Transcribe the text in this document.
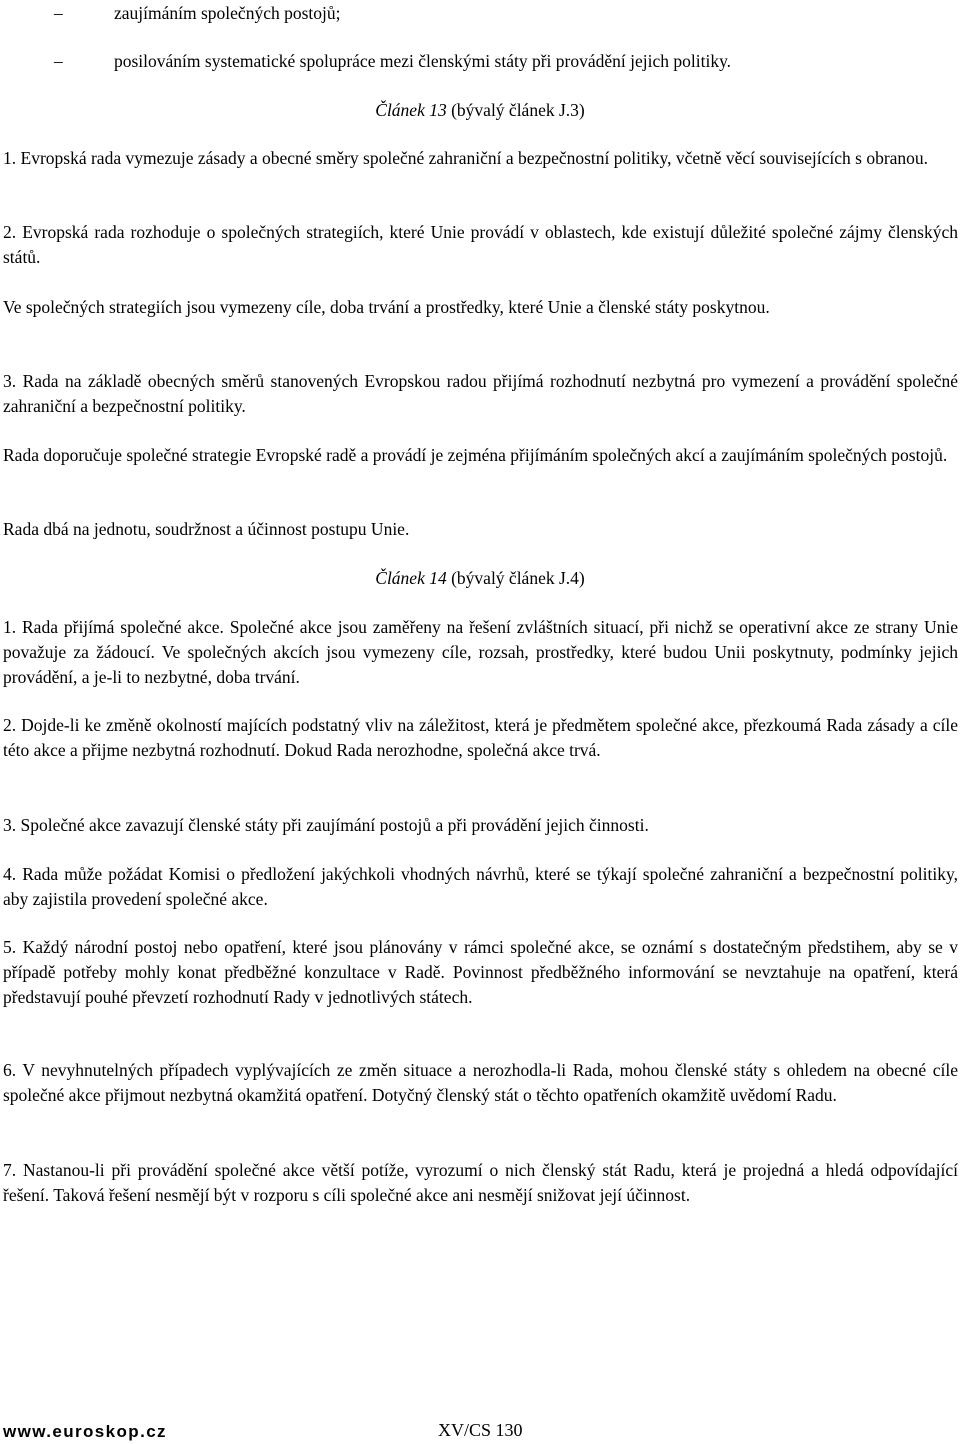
–	zaujímáním společných postojů;
–	posilováním systematické spolupráce mezi členskými státy při provádění jejich politiky.

Článek 13 (bývalý článek J.3)

1. Evropská rada vymezuje zásady a obecné směry společné zahraniční a bezpečnostní politiky, včetně věcí souvisejících s obranou.

2. Evropská rada rozhoduje o společných strategiích, které Unie provádí v oblastech, kde existují důležité společné zájmy členských států.

Ve společných strategiích jsou vymezeny cíle, doba trvání a prostředky, které Unie a členské státy poskytnou.

3. Rada na základě obecných směrů stanovených Evropskou radou přijímá rozhodnutí nezbytná pro vymezení a provádění společné zahraniční a bezpečnostní politiky.

Rada doporučuje společné strategie Evropské radě a provádí je zejména přijímáním společných akcí a zaujímáním společných postojů.

Rada dbá na jednotu, soudržnost a účinnost postupu Unie.

Článek 14 (bývalý článek J.4)

1. Rada přijímá společné akce. Společné akce jsou zaměřeny na řešení zvláštních situací, při nichž se operativní akce ze strany Unie považuje za žádoucí. Ve společných akcích jsou vymezeny cíle, rozsah, prostředky, které budou Unii poskytnuty, podmínky jejich provádění, a je-li to nezbytné, doba trvání.

2. Dojde-li ke změně okolností majících podstatný vliv na záležitost, která je předmětem společné akce, přezkoumá Rada zásady a cíle této akce a přijme nezbytná rozhodnutí. Dokud Rada nerozhodne, společná akce trvá.

3. Společné akce zavazují členské státy při zaujímání postojů a při provádění jejich činnosti.

4. Rada může požádat Komisi o předložení jakýchkoli vhodných návrhů, které se týkají společné zahraniční a bezpečnostní politiky, aby zajistila provedení společné akce.

5. Každý národní postoj nebo opatření, které jsou plánovány v rámci společné akce, se oznámí s dostatečným předstihem, aby se v případě potřeby mohly konat předběžné konzultace v Radě. Povinnost předběžného informování se nevztahuje na opatření, která představují pouhé převzetí rozhodnutí Rady v jednotlivých státech.

6. V nevyhnutelných případech vyplývajících ze změn situace a nerozhodla-li Rada, mohou členské státy s ohledem na obecné cíle společné akce přijmout nezbytná okamžitá opatření. Dotyčný členský stát o těchto opatřeních okamžitě uvědomí Radu.

7. Nastanou-li při provádění společné akce větší potíže, vyrozumí o nich členský stát Radu, která je projedná a hledá odpovídající řešení. Taková řešení nesmějí být v rozporu s cíli společné akce ani nesmějí snižovat její účinnost.

www.euroskop.cz	XV/CS 130
